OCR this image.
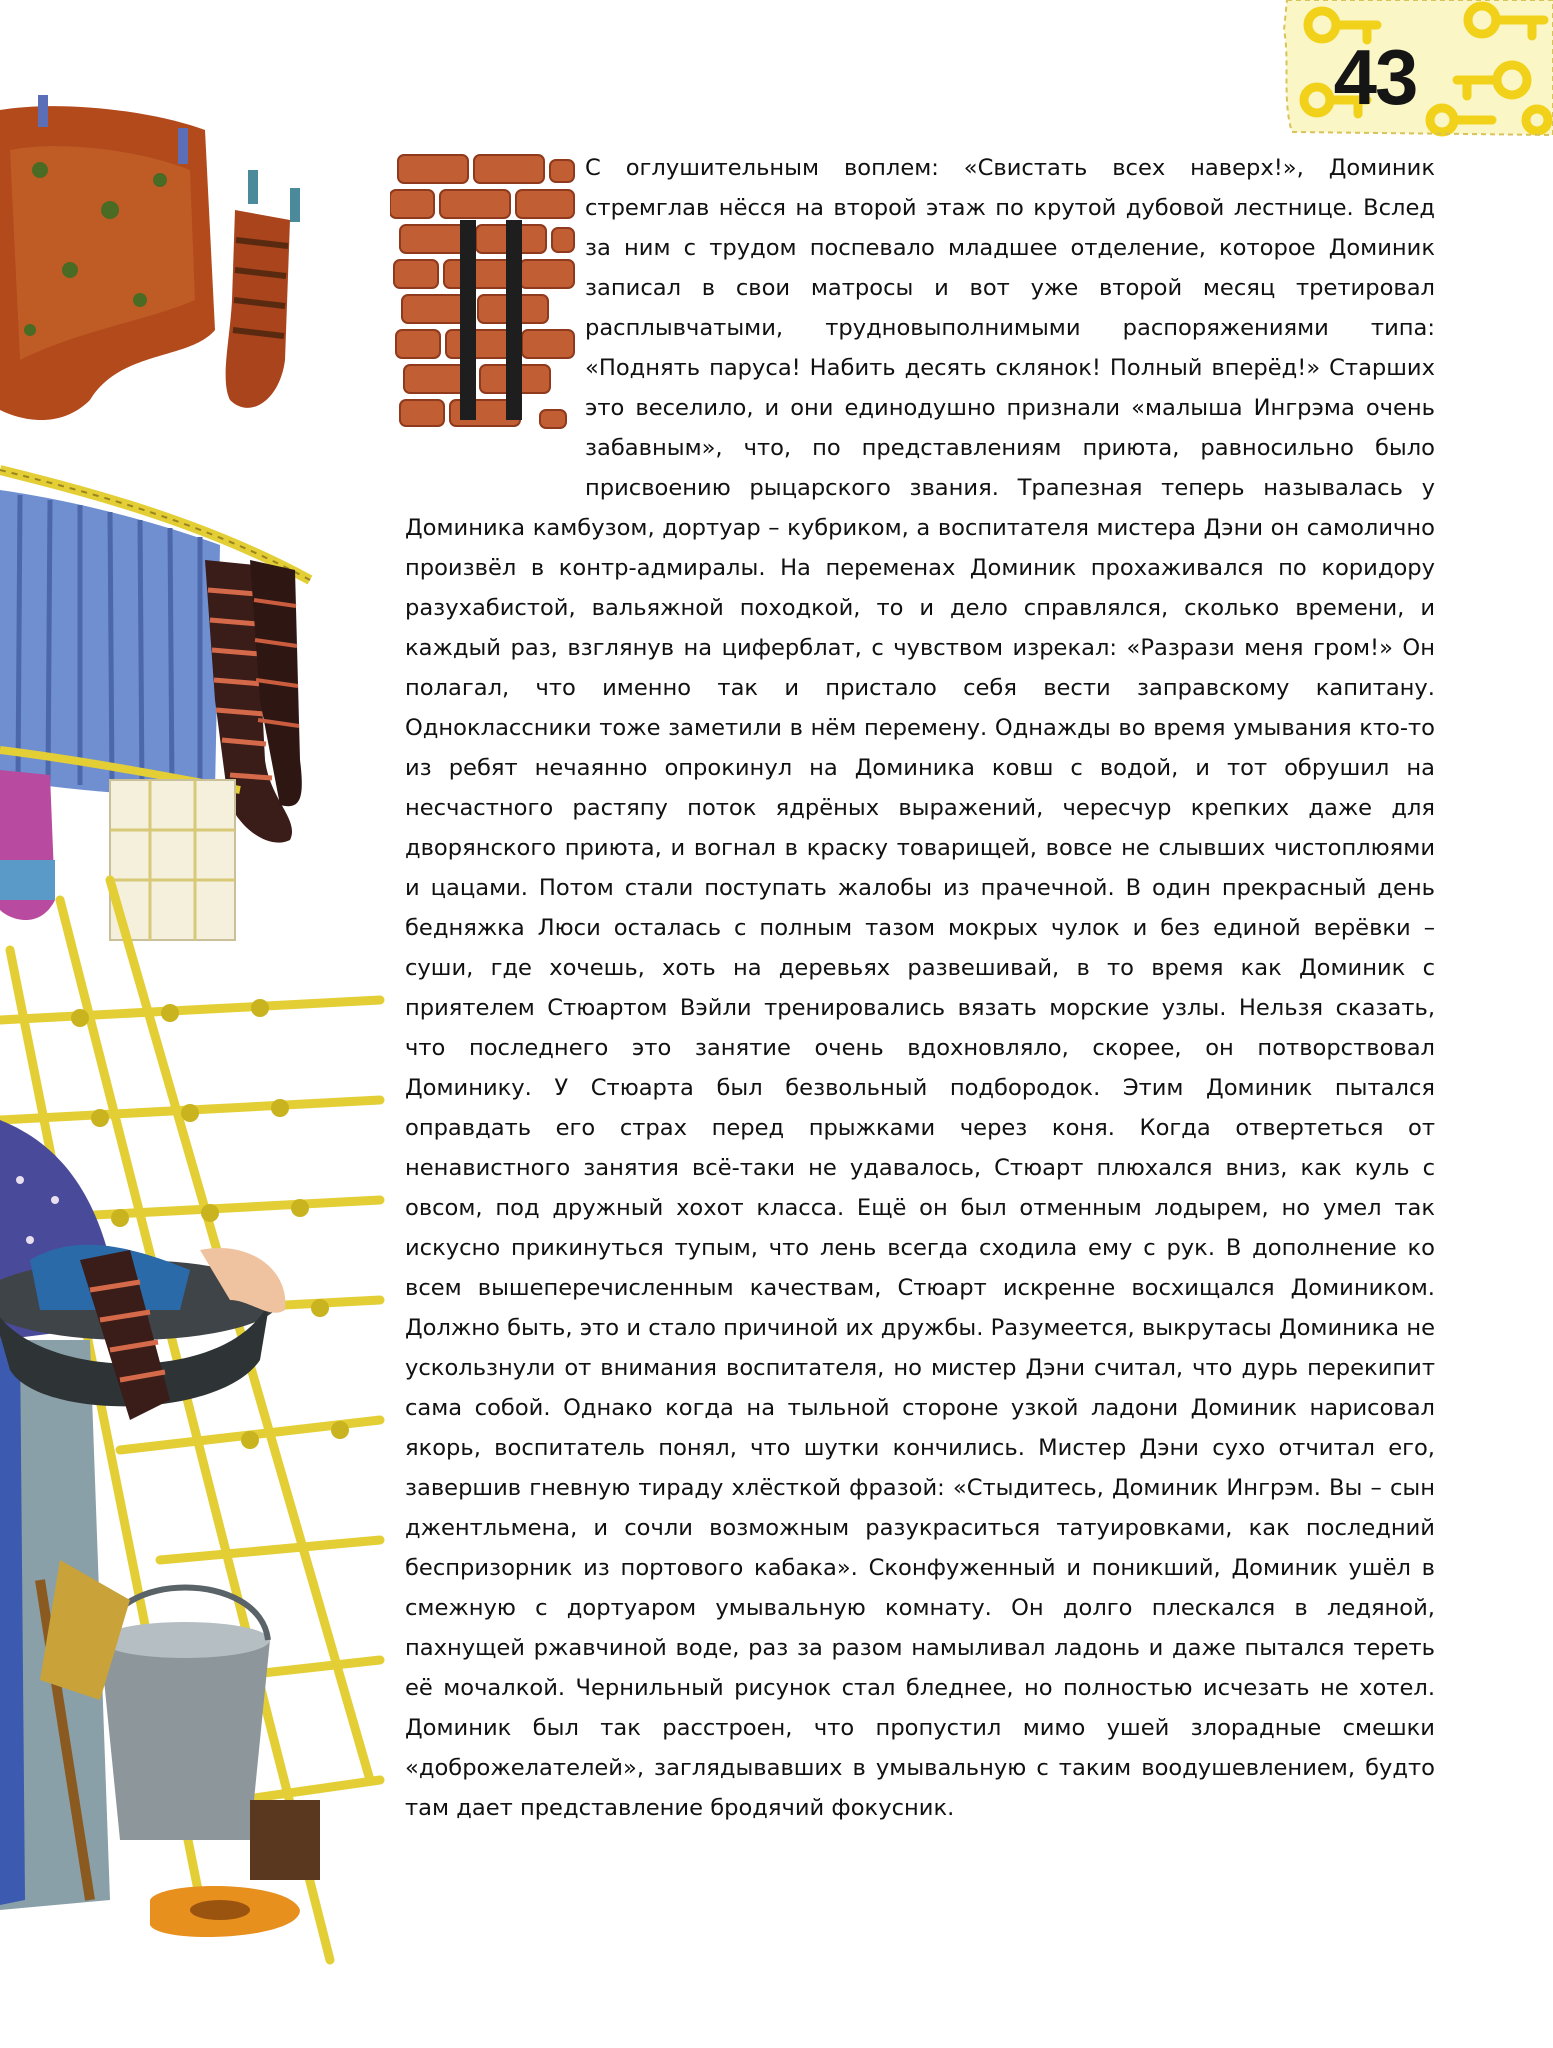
43
П

С оглушительным воплем: «Свистать всех наверх!», Доминик стремглав нёсся на второй этаж по крутой дубовой лестнице. Вслед за ним с трудом поспевало младшее отделение, которое Доминик записал в свои матросы и вот уже второй месяц третировал расплывчатыми, трудновыполнимыми распоряжениями типа: «Поднять паруса! Набить десять склянок! Полный вперёд!» Старших это веселило, и они единодушно признали «малыша Ингрэма очень забавным», что, по представлениям приюта, равносильно было присвоению рыцарского звания. Трапезная теперь называлась у Доминика камбузом, дортуар – кубриком, а воспитателя мистера Дэни он самолично произвёл в контр-адмиралы. На переменах Доминик прохаживался по коридору разухабистой, вальяжной походкой, то и дело справлялся, сколько времени, и каждый раз, взглянув на циферблат, с чувством изрекал: «Разрази меня гром!» Он полагал, что именно так и пристало себя вести заправскому капитану. Одноклассники тоже заметили в нём перемену. Однажды во время умывания кто-то из ребят нечаянно опрокинул на Доминика ковш с водой, и тот обрушил на несчастного растяпу поток ядрёных выражений, чересчур крепких даже для дворянского приюта, и вогнал в краску товарищей, вовсе не слывших чистоплюями и цацами. Потом стали поступать жалобы из прачечной. В один прекрасный день бедняжка Люси осталась с полным тазом мокрых чулок и без единой верёвки – суши, где хочешь, хоть на деревьях развешивай, в то время как Доминик с приятелем Стюартом Вэйли тренировались вязать морские узлы. Нельзя сказать, что последнего это занятие очень вдохновляло, скорее, он потворствовал Доминику. У Стюарта был безвольный подбородок. Этим Доминик пытался оправдать его страх перед прыжками через коня. Когда отвертеться от ненавистного занятия всё-таки не удавалось, Стюарт плюхался вниз, как куль с овсом, под дружный хохот класса. Ещё он был отменным лодырем, но умел так искусно прикинуться тупым, что лень всегда сходила ему с рук. В дополнение ко всем вышеперечисленным качествам, Стюарт искренне восхищался Домиником. Должно быть, это и стало причиной их дружбы. Разумеется, выкрутасы Доминика не ускользнули от внимания воспитателя, но мистер Дэни считал, что дурь перекипит сама собой. Однако когда на тыльной стороне узкой ладони Доминик нарисовал якорь, воспитатель понял, что шутки кончились. Мистер Дэни сухо отчитал его, завершив гневную тираду хлёсткой фразой: «Стыдитесь, Доминик Ингрэм. Вы – сын джентльмена, и сочли возможным разукраситься татуировками, как последний беспризорник из портового кабака». Сконфуженный и поникший, Доминик ушёл в смежную с дортуаром умывальную комнату. Он долго плескался в ледяной, пахнущей ржавчиной воде, раз за разом намыливал ладонь и даже пытался тереть её мочалкой. Чернильный рисунок стал бледнее, но полностью исчезать не хотел. Доминик был так расстроен, что пропустил мимо ушей злорадные смешки «доброжелателей», заглядывавших в умывальную с таким воодушевлением, будто там дает представление бродячий фокусник.
